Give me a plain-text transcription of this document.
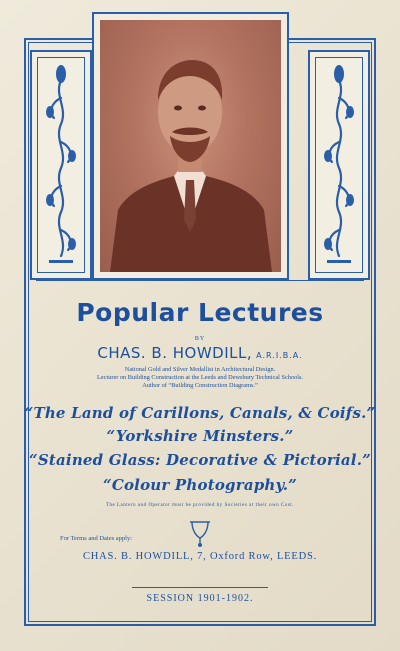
Popular Lectures
BY
CHAS. B. HOWDILL, A.R.I.B.A.
National Gold and Silver Medallist in Architectural Design.
Lecturer on Building Construction at the Leeds and Dewsbury Technical Schools.
Author of “Building Construction Diagrams.”
“The Land of Carillons, Canals, & Coifs.”
“Yorkshire Minsters.”
“Stained Glass: Decorative & Pictorial.”
“Colour Photography.”
The Lantern and Operator must be provided by Societies at their own Cost.
For Terms and Dates apply:
CHAS. B. HOWDILL, 7, Oxford Row, LEEDS.
SESSION 1901-1902.
